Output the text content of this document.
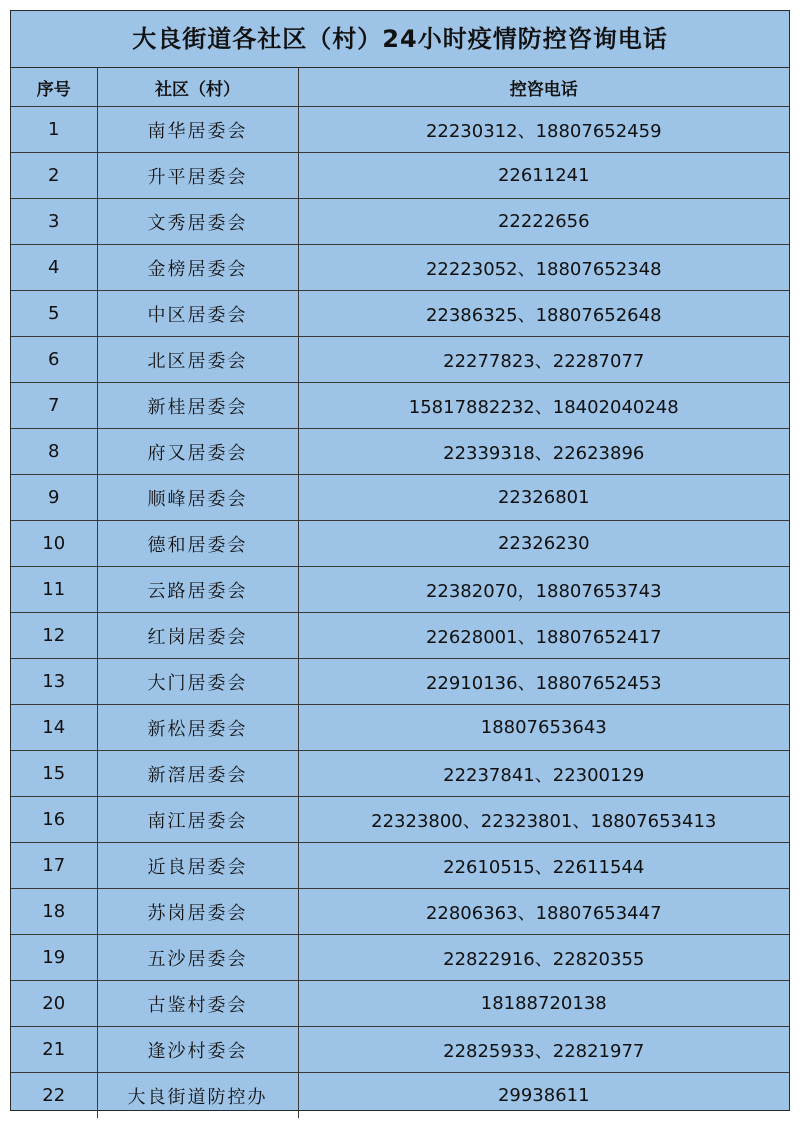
大良街道各社区（村）24小时疫情防控咨询电话
序号	社区（村）	控咨电话
1	南华居委会	22230312、18807652459
2	升平居委会	22611241
3	文秀居委会	22222656
4	金榜居委会	22223052、18807652348
5	中区居委会	22386325、18807652648
6	北区居委会	22277823、22287077
7	新桂居委会	15817882232、18402040248
8	府又居委会	22339318、22623896
9	顺峰居委会	22326801
10	德和居委会	22326230
11	云路居委会	22382070，18807653743
12	红岗居委会	22628001、18807652417
13	大门居委会	22910136、18807652453
14	新松居委会	18807653643
15	新滘居委会	22237841、22300129
16	南江居委会	22323800、22323801、18807653413
17	近良居委会	22610515、22611544
18	苏岗居委会	22806363、18807653447
19	五沙居委会	22822916、22820355
20	古鉴村委会	18188720138
21	逢沙村委会	22825933、22821977
22	大良街道防控办	29938611
